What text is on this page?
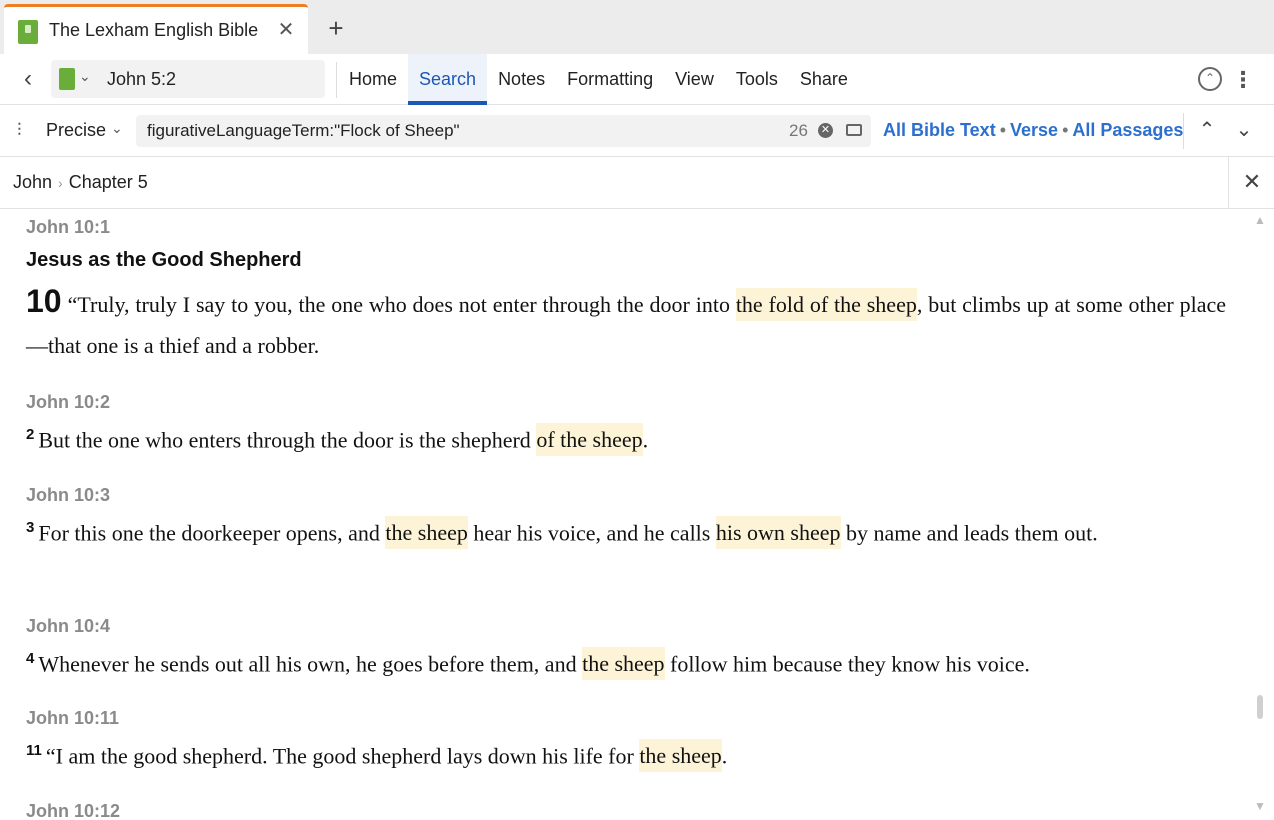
The Lexham English Bible ✕ +
‹	⌄ John 5:2	Home	Search	Notes	Formatting	View	Tools	Share	⌃ ⋮
⫶	Precise ⌄
figurativeLanguageTerm:"Flock of Sheep"	26 ✕	All Bible Text • Verse • All Passages ⌃ ⌄
John › Chapter 5	✕
John 10:1
Jesus as the Good Shepherd
10 “Truly, truly I say to you, the one who does not enter through the door into the fold of the sheep, but climbs up at some other place—that one is a thief and a robber.
John 10:2
$^2$ But the one who enters through the door is the shepherd of the sheep.
John 10:3
$^3$ For this one the doorkeeper opens, and the sheep hear his voice, and he calls his own sheep by name and leads them out.
John 10:4
$^4$ Whenever he sends out all his own, he goes before them, and the sheep follow him because they know his voice.
John 10:11
$^{11}$ “I am the good shepherd. The good shepherd lays down his life for the sheep.
John 10:12
▲
▼
